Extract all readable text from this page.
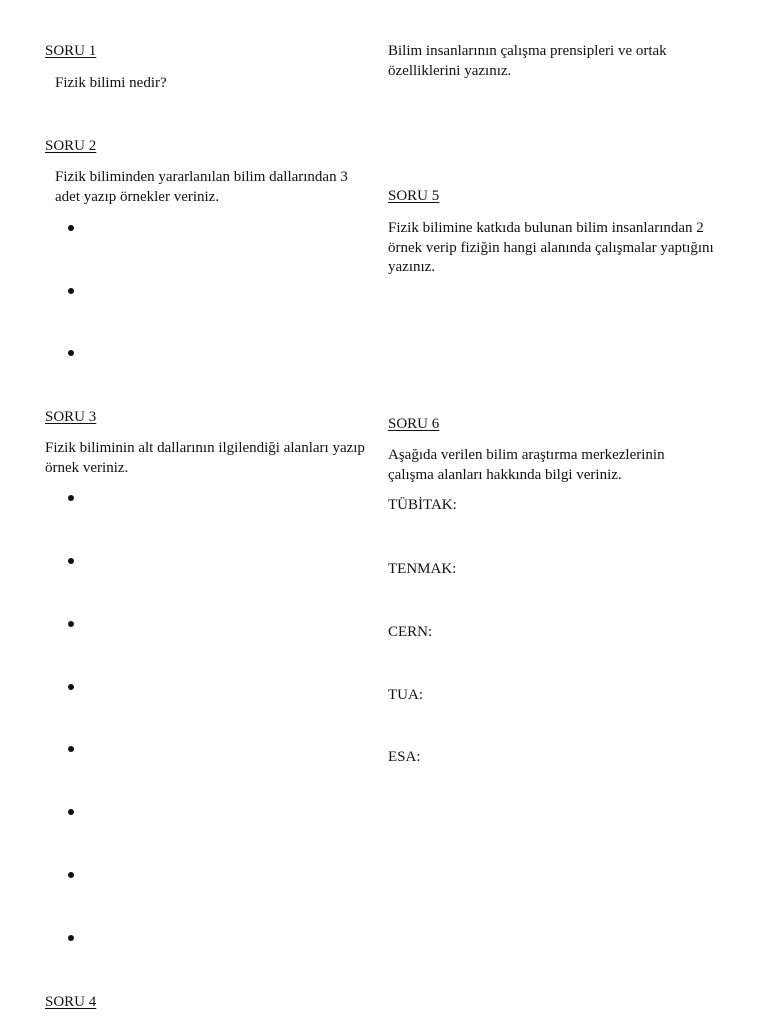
SORU 1
Fizik bilimi nedir?
SORU 2
Fizik biliminden yararlanılan bilim dallarından 3 adet yazıp örnekler veriniz.
SORU 3
Fizik biliminin alt dallarının ilgilendiği alanları yazıp örnek veriniz.
SORU 4
Bilim insanlarının çalışma prensipleri ve ortak özelliklerini yazınız.
SORU 5
Fizik bilimine katkıda bulunan bilim insanlarından 2 örnek verip fiziğin hangi alanında çalışmalar yaptığını yazınız.
SORU 6
Aşağıda verilen bilim araştırma merkezlerinin çalışma alanları hakkında bilgi veriniz.
TÜBİTAK:
TENMAK:
CERN:
TUA:
ESA:
